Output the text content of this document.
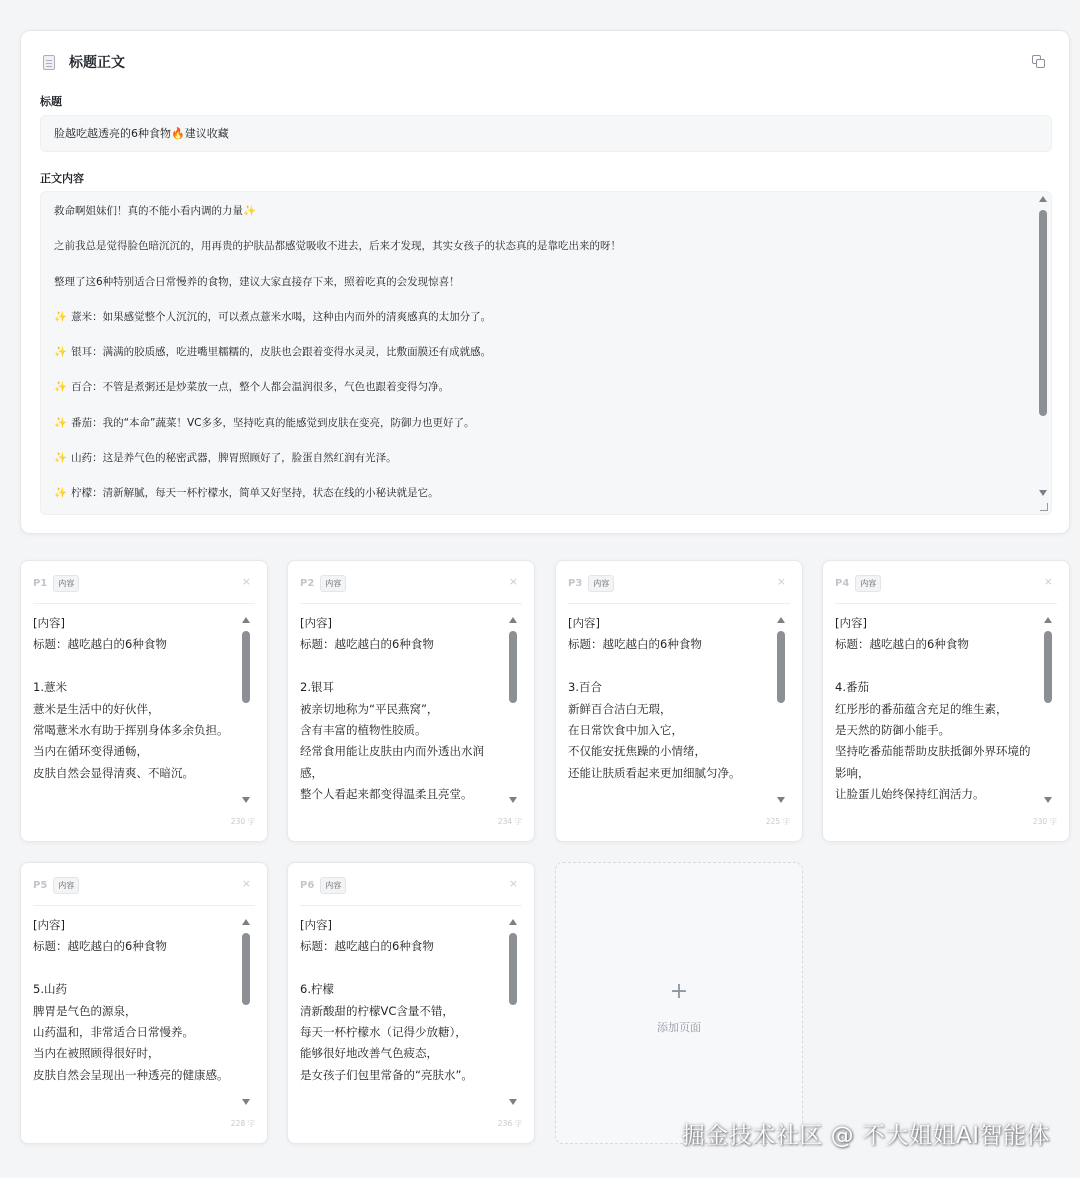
标题正文
标题
脸越吃越透亮的6种食物🔥建议收藏
正文内容
救命啊姐妹们！真的不能小看内调的力量✨
之前我总是觉得脸色暗沉沉的，用再贵的护肤品都感觉吸收不进去，后来才发现，其实女孩子的状态真的是靠吃出来的呀！
整理了这6种特别适合日常慢养的食物，建议大家直接存下来，照着吃真的会发现惊喜！
✨ 薏米：如果感觉整个人沉沉的，可以煮点薏米水喝，这种由内而外的清爽感真的太加分了。
✨ 银耳：满满的胶质感，吃进嘴里糯糯的，皮肤也会跟着变得水灵灵，比敷面膜还有成就感。
✨ 百合：不管是煮粥还是炒菜放一点，整个人都会温润很多，气色也跟着变得匀净。
✨ 番茄：我的“本命”蔬菜！VC多多，坚持吃真的能感觉到皮肤在变亮，防御力也更好了。
✨ 山药：这是养气色的秘密武器，脾胃照顾好了，脸蛋自然红润有光泽。
✨ 柠檬：清新解腻，每天一杯柠檬水，简单又好坚持，状态在线的小秘诀就是它。
P1	内容	×
[内容]
标题：越吃越白的6种食物
1.薏米
薏米是生活中的好伙伴，
常喝薏米水有助于挥别身体多余负担。
当内在循环变得通畅，
皮肤自然会显得清爽、不暗沉。
230 字
P2	内容	×
[内容]
标题：越吃越白的6种食物
2.银耳
被亲切地称为“平民燕窝”，
含有丰富的植物性胶质。
经常食用能让皮肤由内而外透出水润感，
整个人看起来都变得温柔且亮堂。
234 字
P3	内容	×
[内容]
标题：越吃越白的6种食物
3.百合
新鲜百合洁白无瑕，
在日常饮食中加入它，
不仅能安抚焦躁的小情绪，
还能让肤质看起来更加细腻匀净。
225 字
P4	内容	×
[内容]
标题：越吃越白的6种食物
4.番茄
红彤彤的番茄蕴含充足的维生素，
是天然的防御小能手。
坚持吃番茄能帮助皮肤抵御外界环境的影响，
让脸蛋儿始终保持红润活力。
230 字
P5	内容	×
[内容]
标题：越吃越白的6种食物
5.山药
脾胃是气色的源泉，
山药温和，非常适合日常慢养。
当内在被照顾得很好时，
皮肤自然会呈现出一种透亮的健康感。
228 字
P6	内容	×
[内容]
标题：越吃越白的6种食物
6.柠檬
清新酸甜的柠檬VC含量不错，
每天一杯柠檬水（记得少放糖），
能够很好地改善气色疲态，
是女孩子们包里常备的“亮肤水”。
236 字
+
添加页面
掘金技术社区 @ 不大姐姐AI智能体
